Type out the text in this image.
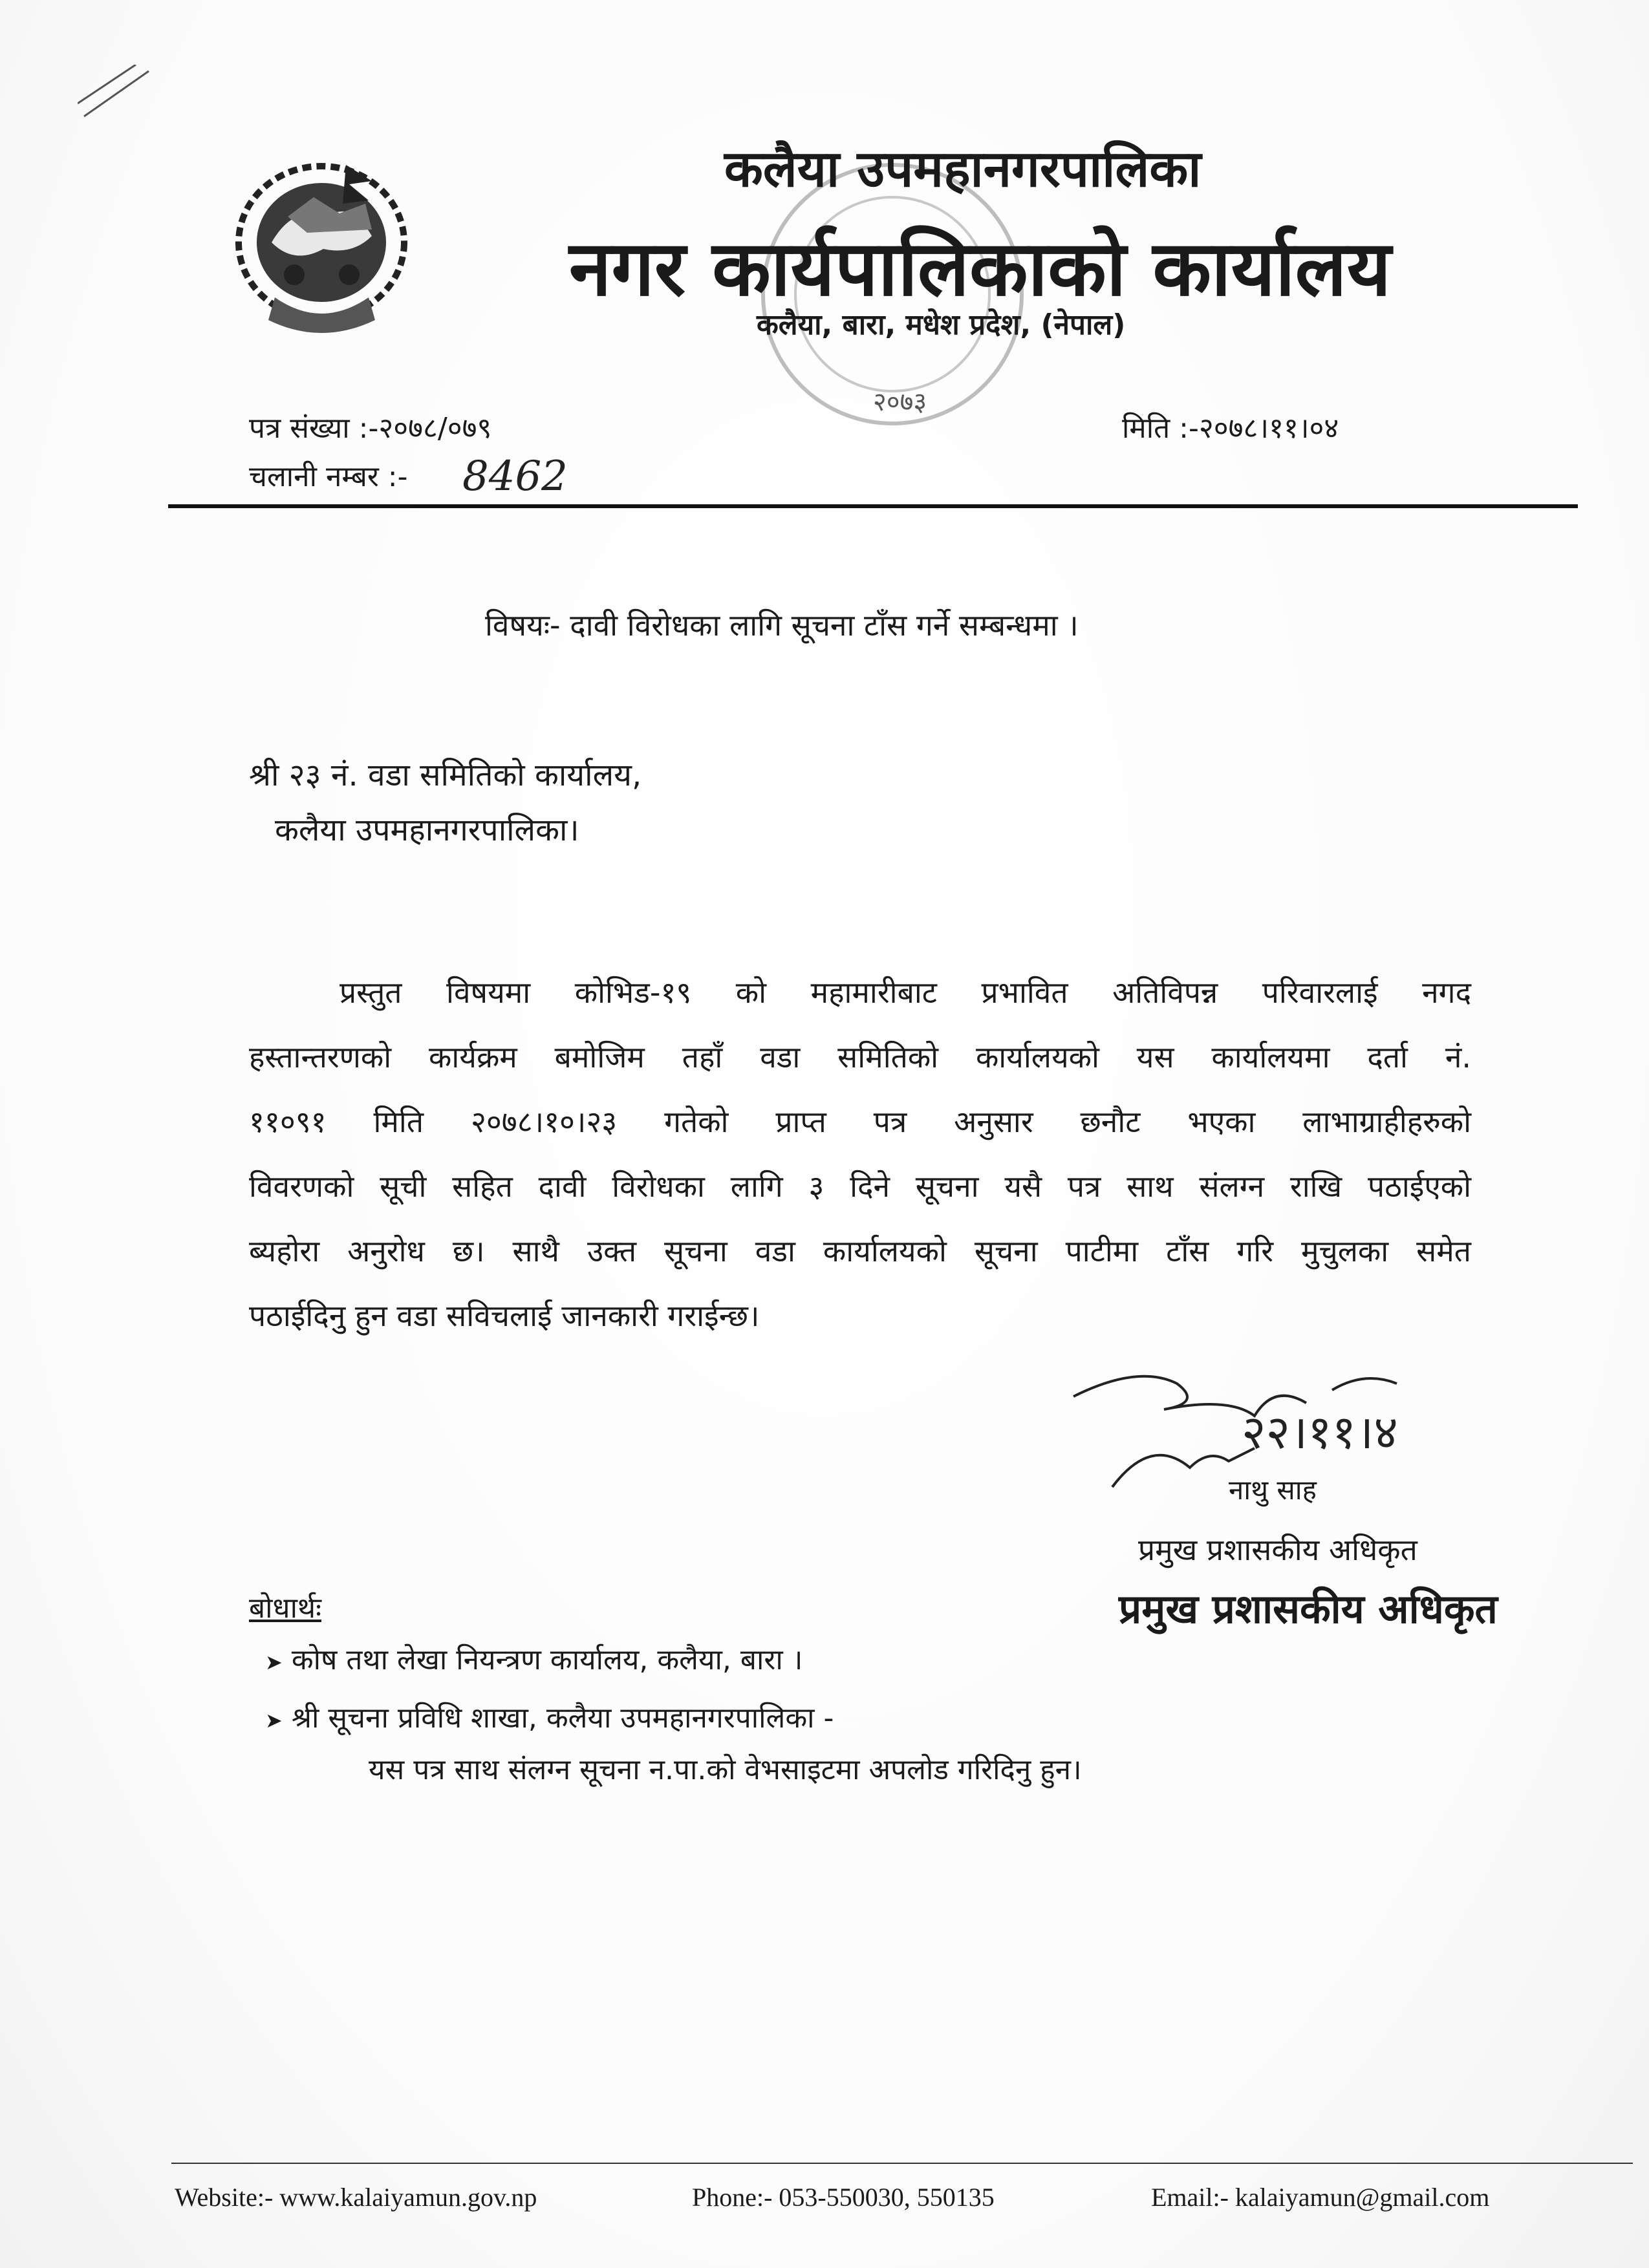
२०७३
कलैया उपमहानगरपालिका
नगर कार्यपालिकाको कार्यालय
कलैया, बारा, मधेश प्रदेश, (नेपाल)
पत्र संख्या :-२०७८/०७९
चलानी नम्बर :- 8462
मिति :-२०७८।११।०४
विषयः- दावी विरोधका लागि सूचना टाँस गर्ने सम्बन्धमा ।
श्री २३ नं. वडा समितिको कार्यालय,
कलैया उपमहानगरपालिका।
प्रस्तुत विषयमा कोभिड-१९ को महामारीबाट प्रभावित अतिविपन्न परिवारलाई नगद
हस्तान्तरणको कार्यक्रम बमोजिम तहाँ वडा समितिको कार्यालयको यस कार्यालयमा दर्ता नं.
११०९१ मिति २०७८।१०।२३ गतेको प्राप्त पत्र अनुसार छनौट भएका लाभाग्राहीहरुको
विवरणको सूची सहित दावी विरोधका लागि ३ दिने सूचना यसै पत्र साथ संलग्न राखि पठाईएको
ब्यहोरा अनुरोध छ। साथै उक्त सूचना वडा कार्यालयको सूचना पाटीमा टाँस गरि मुचुलका समेत
पठाईदिनु हुन वडा सविचलाई जानकारी गराईन्छ।
२२।११।४
नाथु साह
प्रमुख प्रशासकीय अधिकृत
प्रमुख प्रशासकीय अधिकृत
बोधार्थः
➤ कोष तथा लेखा नियन्त्रण कार्यालय, कलैया, बारा ।
➤ श्री सूचना प्रविधि शाखा, कलैया उपमहानगरपालिका -
यस पत्र साथ संलग्न सूचना न.पा.को वेभसाइटमा अपलोड गरिदिनु हुन।
Website:- www.kalaiyamun.gov.np	Phone:- 053-550030, 550135	Email:- kalaiyamun@gmail.com
